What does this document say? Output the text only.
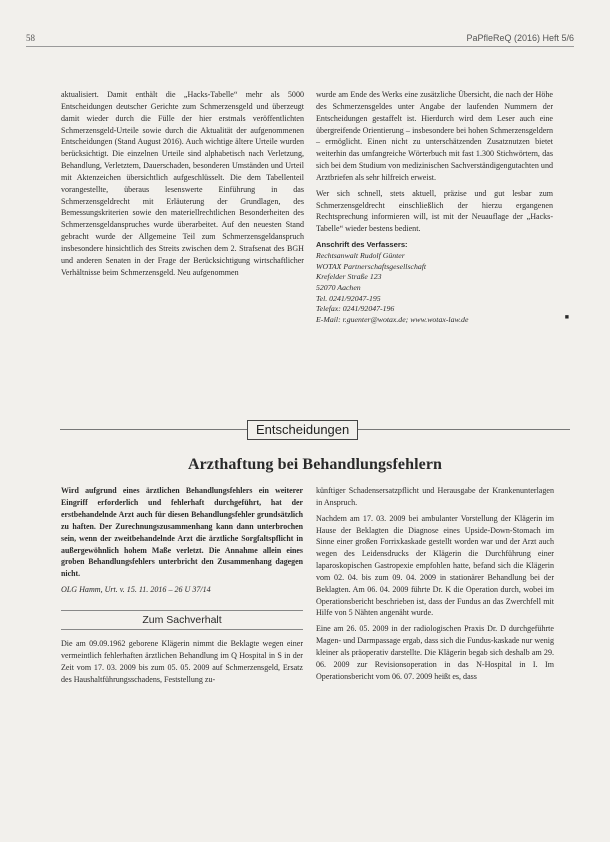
58	PaPfleReQ (2016) Heft 5/6

aktualisiert. Damit enthält die „Hacks-Tabelle“ mehr als 5000 Entscheidungen deutscher Gerichte zum Schmerzensgeld und überzeugt damit wieder durch die Fülle der hier erstmals veröffentlichten Schmerzensgeld-Urteile sowie durch die Aktualität der aufgenommenen Entscheidungen (Stand August 2016). Auch wichtige ältere Urteile wurden berücksichtigt. Die einzelnen Urteile sind alphabetisch nach Verletzung, Behandlung, Verletztem, Dauerschaden, besonderen Umständen und Urteil mit Aktenzeichen übersichtlich aufgeschlüsselt. Die dem Tabellenteil vorangestellte, überaus lesenswerte Einführung in das Schmerzensgeldrecht mit Erläuterung der Grundlagen, des Bemessungskriterien sowie den materiellrechtlichen Besonderheiten des Schmerzensgeldanspruches wurde überarbeitet. Auf den neuesten Stand gebracht wurde der Allgemeine Teil zum Schmerzensgeldanspruch insbesondere hinsichtlich des Streits zwischen dem 2. Strafsenat des BGH und anderen Senaten in der Frage der Berücksichtigung wirtschaftlicher Verhältnisse beim Schmerzensgeld. Neu aufgenommen

wurde am Ende des Werks eine zusätzliche Übersicht, die nach der Höhe des Schmerzensgeldes unter Angabe der laufenden Nummern der Entscheidungen gestaffelt ist. Hierdurch wird dem Leser auch eine übergreifende Orientierung – insbesondere bei hohen Schmerzensgeldern – ermöglicht. Einen nicht zu unterschätzenden Zusatznutzen bietet weiterhin das umfangreiche Wörterbuch mit fast 1.300 Stichwörtern, das sich bei dem Studium von medizinischen Sachverständigengutachten und Arztbriefen als sehr hilfreich erweist.

Wer sich schnell, stets aktuell, präzise und gut lesbar zum Schmerzensgeldrecht einschließlich der hierzu ergangenen Rechtsprechung informieren will, ist mit der Neuauflage der „Hacks-Tabelle“ wieder bestens bedient.

Anschrift des Verfassers:
Rechtsanwalt Rudolf Günter
WOTAX Partnerschaftsgesellschaft
Krefelder Straße 123
52070 Aachen
Tel. 0241/92047-195
Telefax: 0241/92047-196
E-Mail: r.guenter@wotax.de; www.wotax-law.de	■
Entscheidungen
Arzthaftung bei Behandlungsfehlern

Wird aufgrund eines ärztlichen Behandlungsfehlers ein weiterer Eingriff erforderlich und fehlerhaft durchgeführt, hat der erstbehandelnde Arzt auch für diesen Behandlungsfehler grundsätzlich zu haften. Der Zurechnungszusammenhang kann dann unterbrochen sein, wenn der zweitbehandelnde Arzt die ärztliche Sorgfaltspflicht in außergewöhnlich hohem Maße verletzt. Die Annahme allein eines groben Behandlungsfehlers unterbricht den Zusammenhang dagegen nicht.

OLG Hamm, Urt. v. 15. 11. 2016 – 26 U 37/14

Zum Sachverhalt

Die am 09.09.1962 geborene Klägerin nimmt die Beklagte wegen einer vermeintlich fehlerhaften ärztlichen Behandlung im Q Hospital in S in der Zeit vom 17. 03. 2009 bis zum 05. 05. 2009 auf Schmerzensgeld, Ersatz des Haushaltführungsschadens, Feststellung zu-

künftiger Schadensersatzpflicht und Herausgabe der Krankenunterlagen in Anspruch.

Nachdem am 17. 03. 2009 bei ambulanter Vorstellung der Klägerin im Hause der Beklagten die Diagnose eines Upside-Down-Stomach im Sinne einer großen Forrixkaskade gestellt worden war und der Arzt auch wegen des Leidensdrucks der Klägerin die Durchführung einer laparoskopischen Gastropexie empfohlen hatte, befand sich die Klägerin vom 02. 04. bis zum 09. 04. 2009 in stationärer Behandlung bei der Beklagten. Am 06. 04. 2009 führte Dr. K die Operation durch, wobei im Operationsbericht beschrieben ist, dass der Fundus an das Zwerchfell mit Hilfe von 5 Nähten angenäht wurde.

Eine am 26. 05. 2009 in der radiologischen Praxis Dr. D durchgeführte Magen- und Darmpassage ergab, dass sich die Fundus-kaskade nur wenig kleiner als präoperativ darstellte. Die Klägerin begab sich deshalb am 29. 06. 2009 zur Revisionsoperation in das N-Hospital in I. Im Operationsbericht vom 06. 07. 2009 heißt es, dass
